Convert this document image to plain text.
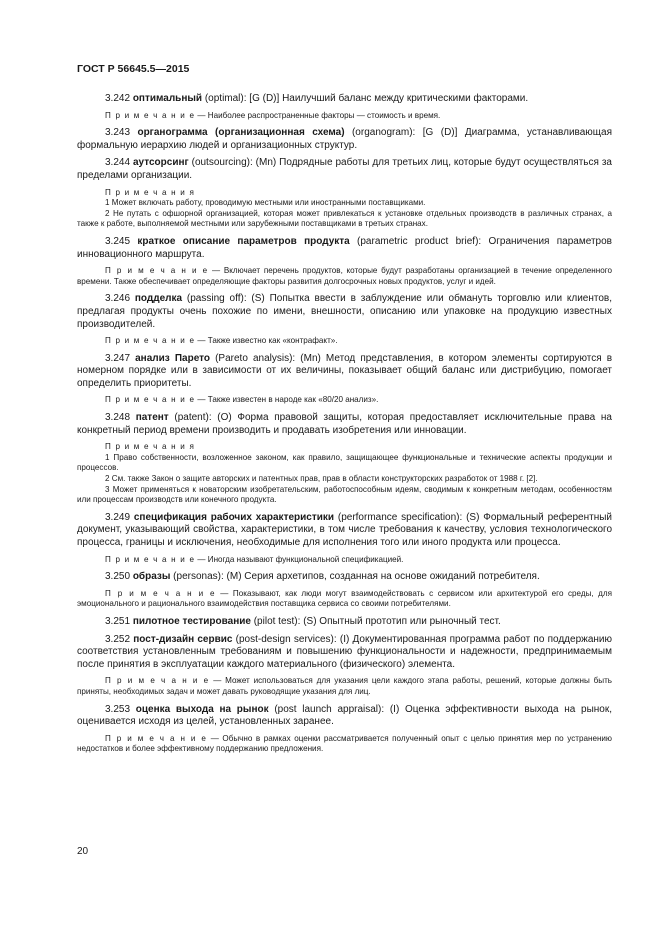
ГОСТ Р 56645.5—2015

3.242 оптимальный (optimal): [G (D)] Наилучший баланс между критическими факторами.

П р и м е ч а н и е — Наиболее распространенные факторы — стоимость и время.

3.243 органограмма (организационная схема) (organogram): [G (D)] Диаграмма, устанавливающая формальную иерархию людей и организационных структур.

3.244 аутсорсинг (outsourcing): (Mn) Подрядные работы для третьих лиц, которые будут осуществляться за пределами организации.

П р и м е ч а н и я

1 Может включать работу, проводимую местными или иностранными поставщиками.

2 Не путать с офшорной организацией, которая может привлекаться к установке отдельных производств в различных странах, а также к работе, выполняемой местными или зарубежными поставщиками в третьих странах.

3.245 краткое описание параметров продукта (parametric product brief): Ограничения параметров инновационного маршрута.

П р и м е ч а н и е — Включает перечень продуктов, которые будут разработаны организацией в течение определенного времени. Также обеспечивает определяющие факторы развития долгосрочных новых продуктов, услуг и идей.

3.246 подделка (passing off): (S) Попытка ввести в заблуждение или обмануть торговлю или клиентов, предлагая продукты очень похожие по имени, внешности, описанию или упаковке на продукцию известных производителей.

П р и м е ч а н и е — Также известно как «контрафакт».

3.247 анализ Парето (Pareto analysis): (Mn) Метод представления, в котором элементы сортируются в номерном порядке или в зависимости от их величины, показывает общий баланс или дистрибуцию, помогает определить приоритеты.

П р и м е ч а н и е — Также известен в народе как «80/20 анализ».

3.248 патент (patent): (O) Форма правовой защиты, которая предоставляет исключительные права на конкретный период времени производить и продавать изобретения или инновации.

П р и м е ч а н и я

1 Право собственности, возложенное законом, как правило, защищающее функциональные и технические аспекты продукции и процессов.

2 См. также Закон о защите авторских и патентных прав, прав в области конструкторских разработок от 1988 г. [2].

3 Может применяться к новаторским изобретательским, работоспособным идеям, сводимым к конкретным методам, особенностям или процессам производств или конечного продукта.

3.249 спецификация рабочих характеристики (performance specification): (S) Формальный референтный документ, указывающий свойства, характеристики, в том числе требования к качеству, условия технологического процесса, границы и исключения, необходимые для исполнения того или иного продукта или процесса.

П р и м е ч а н и е — Иногда называют функциональной спецификацией.

3.250 образы (personas): (M) Серия архетипов, созданная на основе ожиданий потребителя.

П р и м е ч а н и е — Показывают, как люди могут взаимодействовать с сервисом или архитектурой его среды, для эмоционального и рационального взаимодействия поставщика сервиса со своими потребителями.

3.251 пилотное тестирование (pilot test): (S) Опытный прототип или рыночный тест.

3.252 пост-дизайн сервис (post-design services): (I) Документированная программа работ по поддержанию соответствия установленным требованиям и повышению функциональности и надежности, предпринимаемым после принятия в эксплуатации каждого материального (физического) элемента.

П р и м е ч а н и е — Может использоваться для указания цели каждого этапа работы, решений, которые должны быть приняты, необходимых задач и может давать руководящие указания для лиц.

3.253 оценка выхода на рынок (post launch appraisal): (I) Оценка эффективности выхода на рынок, оценивается исходя из целей, установленных заранее.

П р и м е ч а н и е — Обычно в рамках оценки рассматривается полученный опыт с целью принятия мер по устранению недостатков и более эффективному поддержанию предложения.

20
